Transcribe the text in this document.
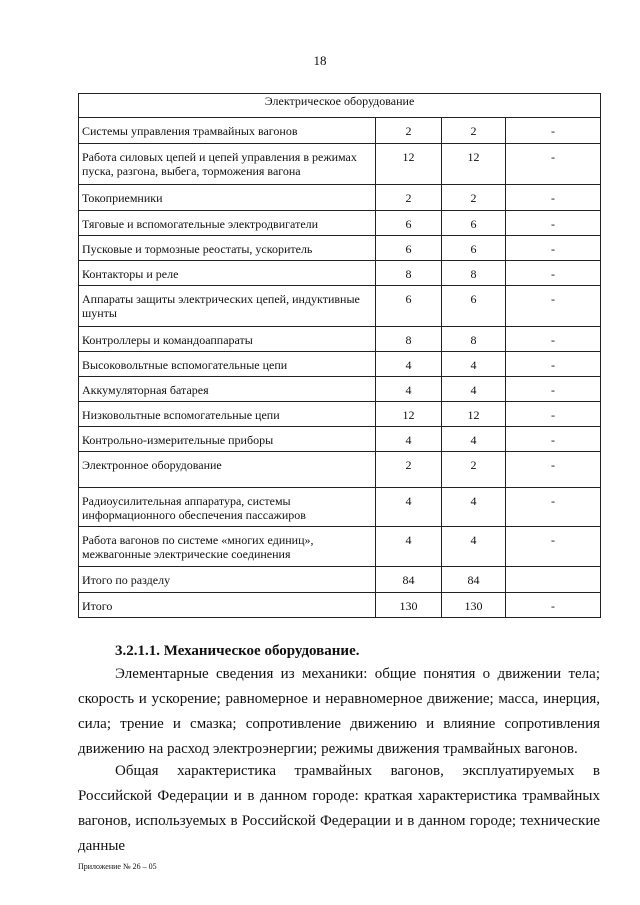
18
Электрическое оборудование			

Системы управления трамвайных вагонов	2	2	-

Работа силовых цепей и цепей управления в режимах пуска, разгона, выбега, торможения вагона	12	12	-

Токоприемники	2	2	-

Тяговые и вспомогательные электродвигатели	6	6	-

Пусковые и тормозные реостаты, ускоритель	6	6	-

Контакторы и реле	8	8	-

Аппараты защиты электрических цепей, индуктивные шунты	6	6	-

Контроллеры и командоаппараты	8	8	-

Высоковольтные вспомогательные цепи	4	4	-

Аккумуляторная батарея	4	4	-

Низковольтные вспомогательные цепи	12	12	-

Контрольно-измерительные приборы	4	4	-

Электронное оборудование	2	2	-

Радиоусилительная аппаратура, системы информационного обеспечения пассажиров	4	4	-

Работа вагонов по системе «многих единиц», межвагонные электрические соединения	4	4	-

Итого по разделу	84	84	

Итого	130	130	-
3.2.1.1. Механическое оборудование.

Элементарные сведения из механики: общие понятия о движении тела; скорость и ускорение; равномерное и неравномерное движение; масса, инерция, сила; трение и смазка; сопротивление движению и влияние сопротивления движению на расход электроэнергии; режимы движения трамвайных вагонов.

Общая характеристика трамвайных вагонов, эксплуатируемых в Российской Федерации и в данном городе: краткая характеристика трамвайных вагонов, используемых в Российской Федерации и в данном городе; технические данные

Приложение № 26 – 05
